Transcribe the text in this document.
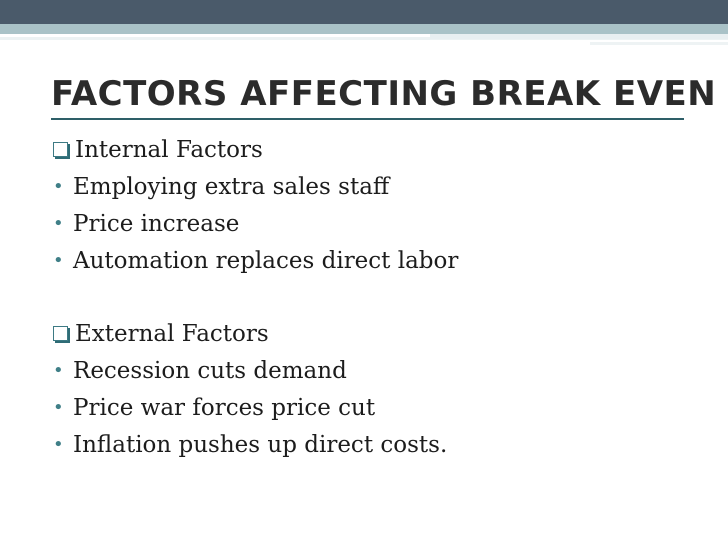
FACTORS AFFECTING BREAK EVEN
Internal Factors
• Employing extra sales staff
• Price increase
• Automation replaces direct labor
External Factors
• Recession cuts demand
• Price war forces price cut
• Inflation pushes up direct costs.
